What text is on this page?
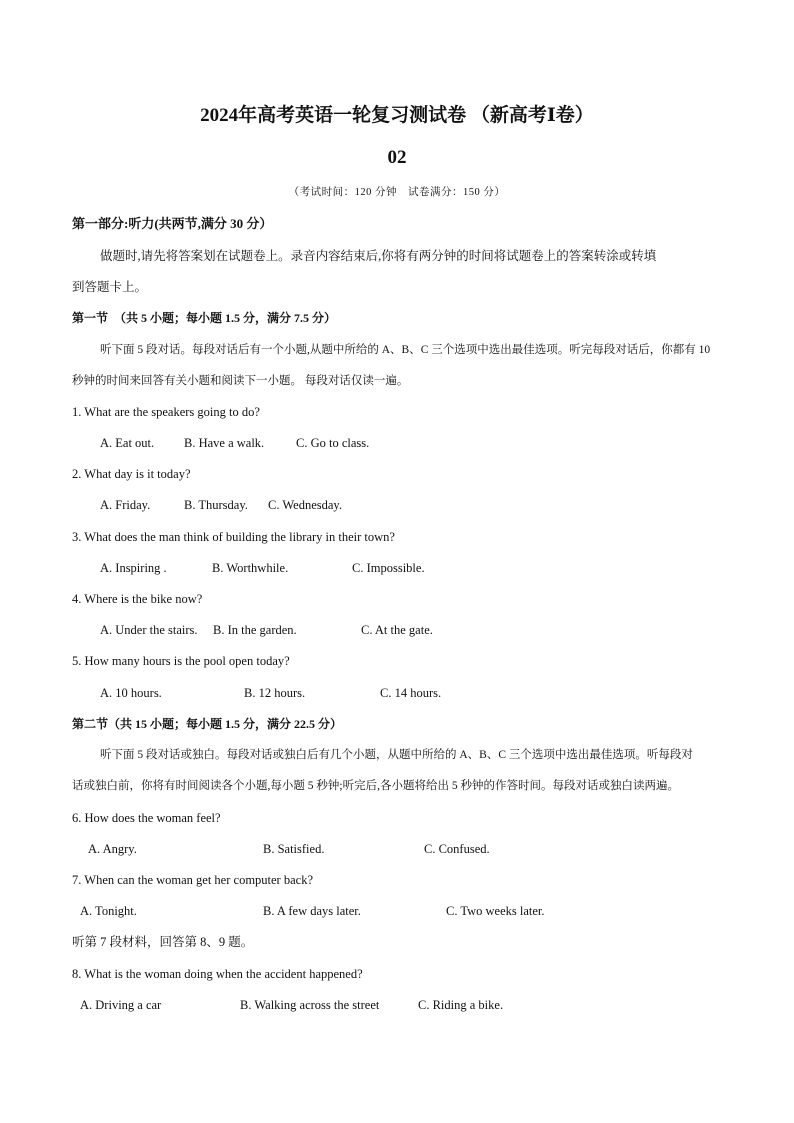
2024年高考英语一轮复习测试卷 （新高考Ⅰ卷）
02
（考试时间：120 分钟　试卷满分：150 分）
第一部分:听力(共两节,满分 30 分）
做题时,请先将答案划在试题卷上。录音内容结束后,你将有两分钟的时间将试题卷上的答案转涂或转填
到答题卡上。
第一节　（共 5 小题；每小题 1.5 分，满分 7.5 分）
听下面 5 段对话。每段对话后有一个小题,从题中所给的 A、B、C 三个选项中选出最佳选项。听完每段对话后，你都有 10
秒钟的时间来回答有关小题和阅读下一小题。 每段对话仅读一遍。
1. What are the speakers going to do?
A. Eat out. B. Have a walk.	C. Go to class.
2. What day is it today?
A. Friday.	B. Thursday. C. Wednesday.
3. What does the man think of building the library in their town?
A. Inspiring .	B. Worthwhile.	C. Impossible.
4. Where is the bike now?
A. Under the stairs. B. In the garden.	C. At the gate.
5. How many hours is the pool open today?
A. 10 hours.	B. 12 hours.	C. 14 hours.
第二节（共 15 小题；每小题 1.5 分，满分 22.5 分）
听下面 5 段对话或独白。每段对话或独白后有几个小题，从题中所给的 A、B、C 三个选项中选出最佳选项。听每段对
话或独白前，你将有时间阅读各个小题,每小题 5 秒钟;听完后,各小题将给出 5 秒钟的作答时间。每段对话或独白读两遍。
6. How does the woman feel?
A. Angry.	B. Satisfied.	C. Confused.
7. When can the woman get her computer back?
A. Tonight.	B. A few days later.	C. Two weeks later.
听第 7 段材料，回答第 8、9 题。
8. What is the woman doing when the accident happened?
A. Driving a car	B. Walking across the street	C. Riding a bike.
